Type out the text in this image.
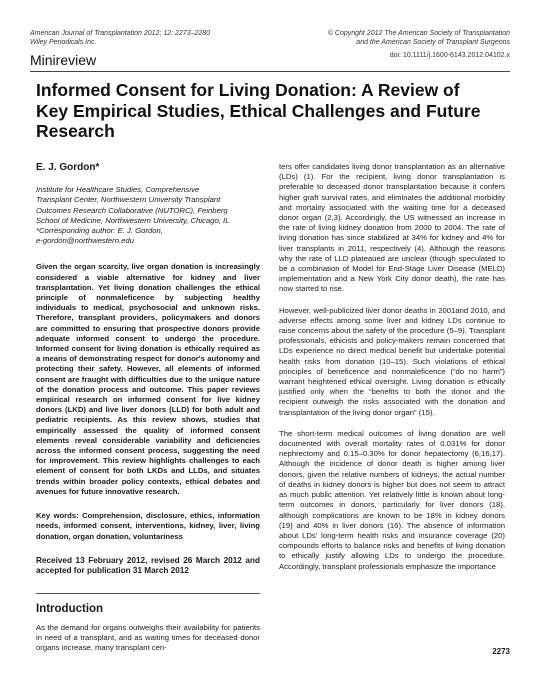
American Journal of Transplantation 2012; 12: 2273–2280
Wiley Periodicals Inc.
© Copyright 2012 The American Society of Transplantation
and the American Society of Transplant Surgeons
doi: 10.1111/j.1600-6143.2012.04102.x
Minireview
Informed Consent for Living Donation: A Review of Key Empirical Studies, Ethical Challenges and Future Research
E. J. Gordon*
Institute for Healthcare Studies, Comprehensive
Transplant Center, Northwestern University Transplant
Outcomes Research Collaborative (NUTORC), Feinberg
School of Medicine, Northwestern University, Chicago, IL
*Corresponding author: E. J. Gordon,
e-gordon@northwestern.edu
Given the organ scarcity, live organ donation is increasingly considered a viable alternative for kidney and liver transplantation. Yet living donation challenges the ethical principle of nonmaleficence by subjecting healthy individuals to medical, psychosocial and unknown risks. Therefore, transplant providers, policymakers and donors are committed to ensuring that prospective donors provide adequate informed consent to undergo the procedure. Informed consent for living donation is ethically required as a means of demonstrating respect for donor's autonomy and protecting their safety. However, all elements of informed consent are fraught with difficulties due to the unique nature of the donation process and outcome. This paper reviews empirical research on informed consent for live kidney donors (LKD) and live liver donors (LLD) for both adult and pediatric recipients. As this review shows, studies that empirically assessed the quality of informed consent elements reveal considerable variability and deficiencies across the informed consent process, suggesting the need for improvement. This review highlights challenges to each element of consent for both LKDs and LLDs, and situates trends within broader policy contexts, ethical debates and avenues for future innovative research.
Key words: Comprehension, disclosure, ethics, information needs, informed consent, interventions, kidney, liver, living donation, organ donation, voluntariness
Received 13 February 2012, revised 26 March 2012 and accepted for publication 31 March 2012
Introduction

As the demand for organs outweighs their availability for patients in need of a transplant, and as waiting times for deceased donor organs increase, many transplant cen-

ters offer candidates living donor transplantation as an alternative (LDs) (1). For the recipient, living donor transplantation is preferable to deceased donor transplantation because it confers higher graft survival rates, and eliminates the additional morbidity and mortality associated with the waiting time for a deceased donor organ (2,3). Accordingly, the US witnessed an increase in the rate of living kidney donation from 2000 to 2004. The rate of living donation has since stabilized at 34% for kidney and 4% for liver transplants in 2011, respectively (4). Although the reasons why the rate of LLD plateaued are unclear (though speculated to be a combination of Model for End-Stage Liver Disease (MELD) implementation and a New York City donor death), the rate has now started to rise.

However, well-publicized liver donor deaths in 2001and 2010, and adverse effects among some liver and kidney LDs continue to raise concerns about the safety of the procedure (5–9). Transplant professionals, ethicists and policy-makers remain concerned that LDs experience no direct medical benefit but undertake potential health risks from donation (10–15). Such violations of ethical principles of beneficence and nonmaleficence (“do no harm”) warrant heightened ethical oversight. Living donation is ethically justified only when the “benefits to both the donor and the recipient outweigh the risks associated with the donation and transplantation of the living donor organ” (15).

The short-term medical outcomes of living donation are well documented with overall mortality rates of 0.031% for donor nephrectomy and 0.15–0.30% for donor hepatectomy (6,16,17). Although the incidence of donor death is higher among liver donors, given the relative numbers of kidneys, the actual number of deaths in kidney donors is higher but does not seem to attract as much public attention. Yet relatively little is known about long-term outcomes in donors, particularly for liver donors (18), although complications are known to be 18% in kidney donors (19) and 40% in liver donors (16). The absence of information about LDs' long-term health risks and insurance coverage (20) compounds efforts to balance risks and benefits of living donation to ethically justify allowing LDs to undergo the procedure. Accordingly, transplant professionals emphasize the importance

2273
